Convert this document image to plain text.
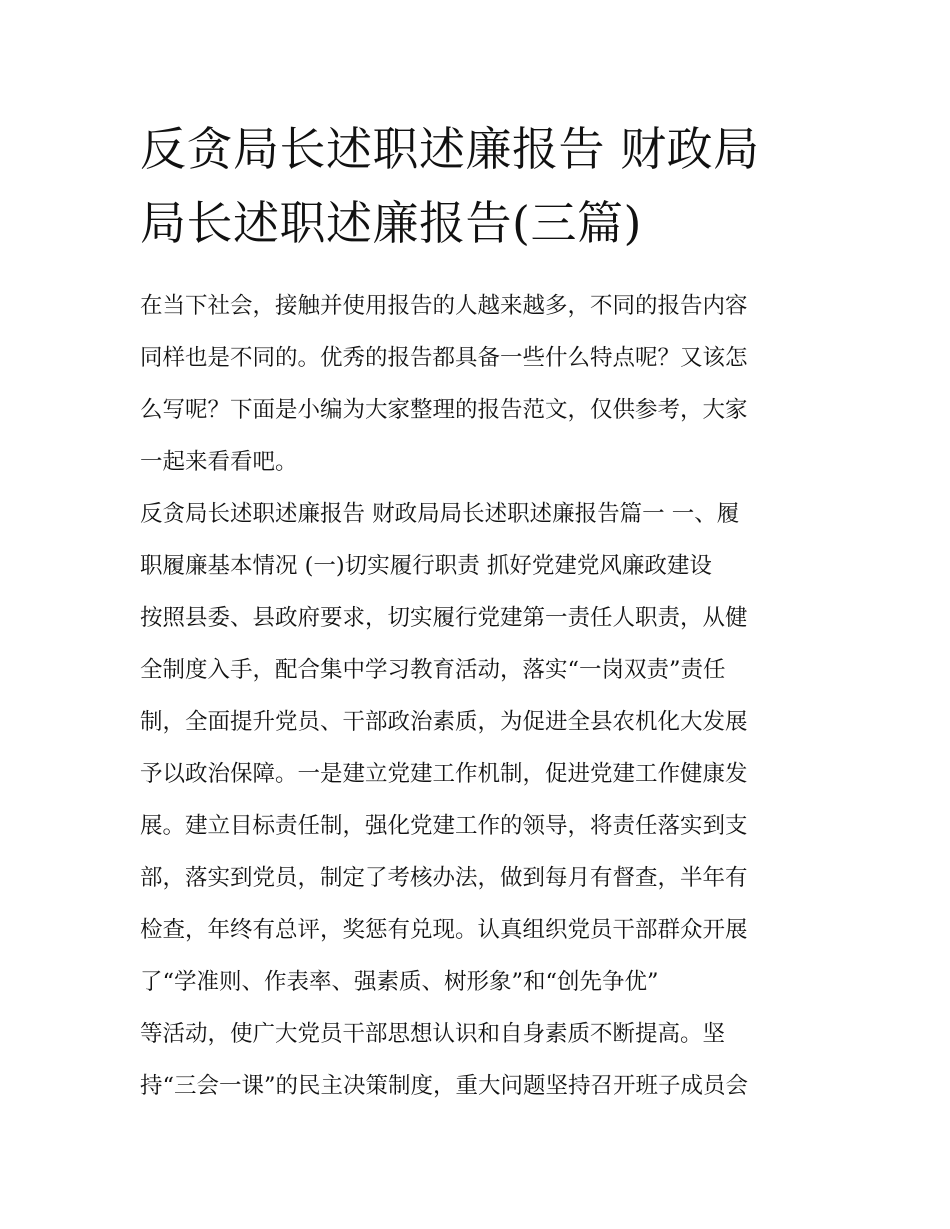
反贪局长述职述廉报告 财政局
局长述职述廉报告(三篇)
在当下社会，接触并使用报告的人越来越多，不同的报告内容
同样也是不同的。优秀的报告都具备一些什么特点呢？又该怎
么写呢？下面是小编为大家整理的报告范文，仅供参考，大家
一起来看看吧。
反贪局长述职述廉报告 财政局局长述职述廉报告篇一 一、履
职履廉基本情况 (一)切实履行职责 抓好党建党风廉政建设
按照县委、县政府要求，切实履行党建第一责任人职责，从健
全制度入手，配合集中学习教育活动，落实“一岗双责”责任
制，全面提升党员、干部政治素质，为促进全县农机化大发展
予以政治保障。一是建立党建工作机制，促进党建工作健康发
展。建立目标责任制，强化党建工作的领导，将责任落实到支
部，落实到党员，制定了考核办法，做到每月有督查，半年有
检查，年终有总评，奖惩有兑现。认真组织党员干部群众开展
了“学准则、作表率、强素质、树形象”和“创先争优”
等活动，使广大党员干部思想认识和自身素质不断提高。坚
持“三会一课”的民主决策制度，重大问题坚持召开班子成员会
